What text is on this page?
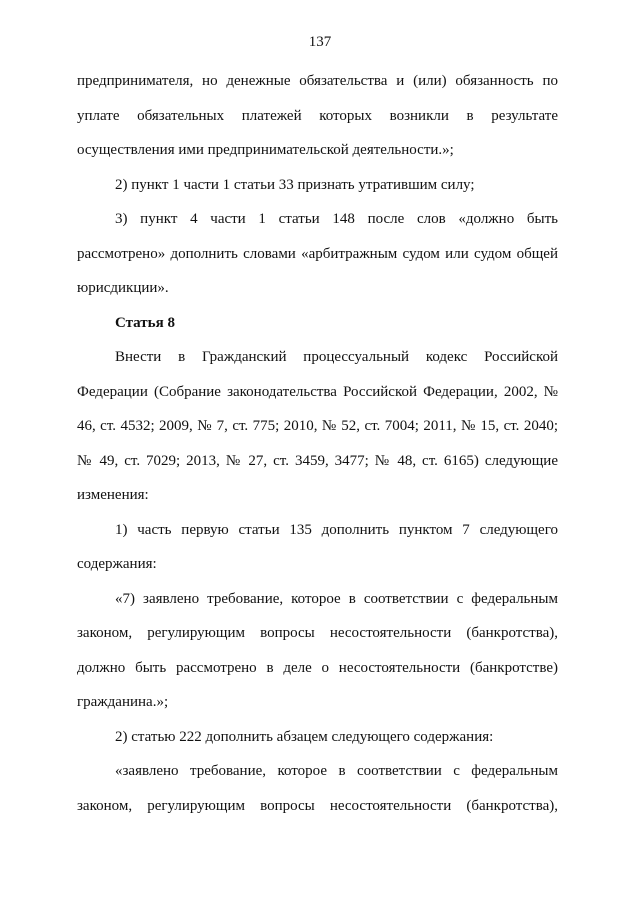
137

предпринимателя, но денежные обязательства и (или) обязанность по уплате обязательных платежей которых возникли в результате осуществления ими предпринимательской деятельности.»;

2) пункт 1 части 1 статьи 33 признать утратившим силу;

3) пункт 4 части 1 статьи 148 после слов «должно быть рассмотрено» дополнить словами «арбитражным судом или судом общей юрисдикции».

Статья 8

Внести в Гражданский процессуальный кодекс Российской Федерации (Собрание законодательства Российской Федерации, 2002, № 46, ст. 4532; 2009, № 7, ст. 775; 2010, № 52, ст. 7004; 2011, № 15, ст. 2040; № 49, ст. 7029; 2013, № 27, ст. 3459, 3477; № 48, ст. 6165) следующие изменения:

1) часть первую статьи 135 дополнить пунктом 7 следующего содержания:

«7) заявлено требование, которое в соответствии с федеральным законом, регулирующим вопросы несостоятельности (банкротства), должно быть рассмотрено в деле о несостоятельности (банкротстве) гражданина.»;

2) статью 222 дополнить абзацем следующего содержания:

«заявлено требование, которое в соответствии с федеральным законом, регулирующим вопросы несостоятельности (банкротства),
